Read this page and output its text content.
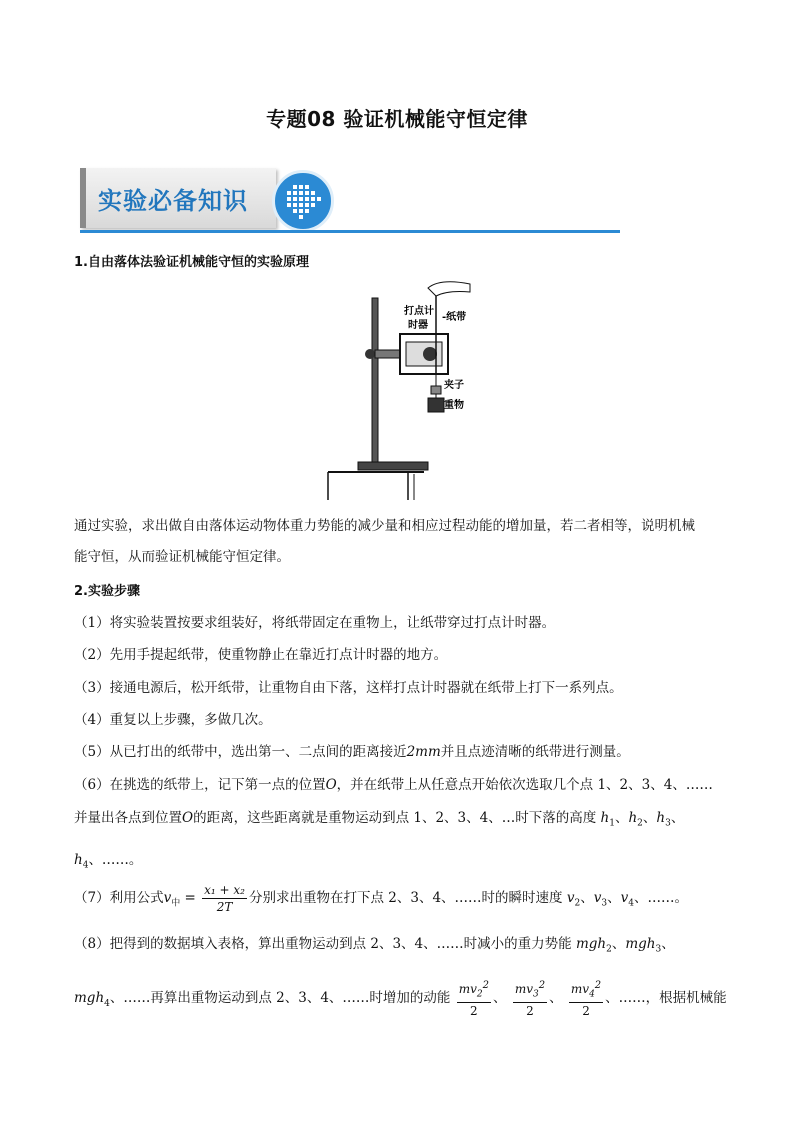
专题08 验证机械能守恒定律
实验必备知识
1.自由落体法验证机械能守恒的实验原理
打点计
时器
-纸带
夹子
重物

通过实验，求出做自由落体运动物体重力势能的减少量和相应过程动能的增加量，若二者相等，说明机械
能守恒，从而验证机械能守恒定律。

2.实验步骤

（1）将实验装置按要求组装好，将纸带固定在重物上，让纸带穿过打点计时器。

（2）先用手提起纸带，使重物静止在靠近打点计时器的地方。

（3）接通电源后，松开纸带，让重物自由下落，这样打点计时器就在纸带上打下一系列点。

（4）重复以上步骤，多做几次。

（5）从已打出的纸带中，选出第一、二点间的距离接近2mm并且点迹清晰的纸带进行测量。

（6）在挑选的纸带上，记下第一点的位置O，并在纸带上从任意点开始依次选取几个点 1、2、3、4、……

并量出各点到位置O的距离，这些距离就是重物运动到点 1、2、3、4、…时下落的高度 $h_1$、$h_2$、$h_3$、

$h_4$、……。

（7）利用公式$v_中 = \frac{\text{x₁ + x₂}}{2T}$ 分别求出重物在打下点 2、3、4、……时的瞬时速度 $v_2$、$v_3$、$v_4$、……。

（8）把得到的数据填入表格，算出重物运动到点 2、3、4、……时减小的重力势能 mgh$_2$、mgh$_3$、

mgh$_4$、……再算出重物运动到点 2、3、4、……时增加的动能 $\frac{mv_2^2}{2}$ 、 $\frac{mv_3^2}{2}$ 、 $\frac{mv_4^2}{2}$ 、……，根据机械能
